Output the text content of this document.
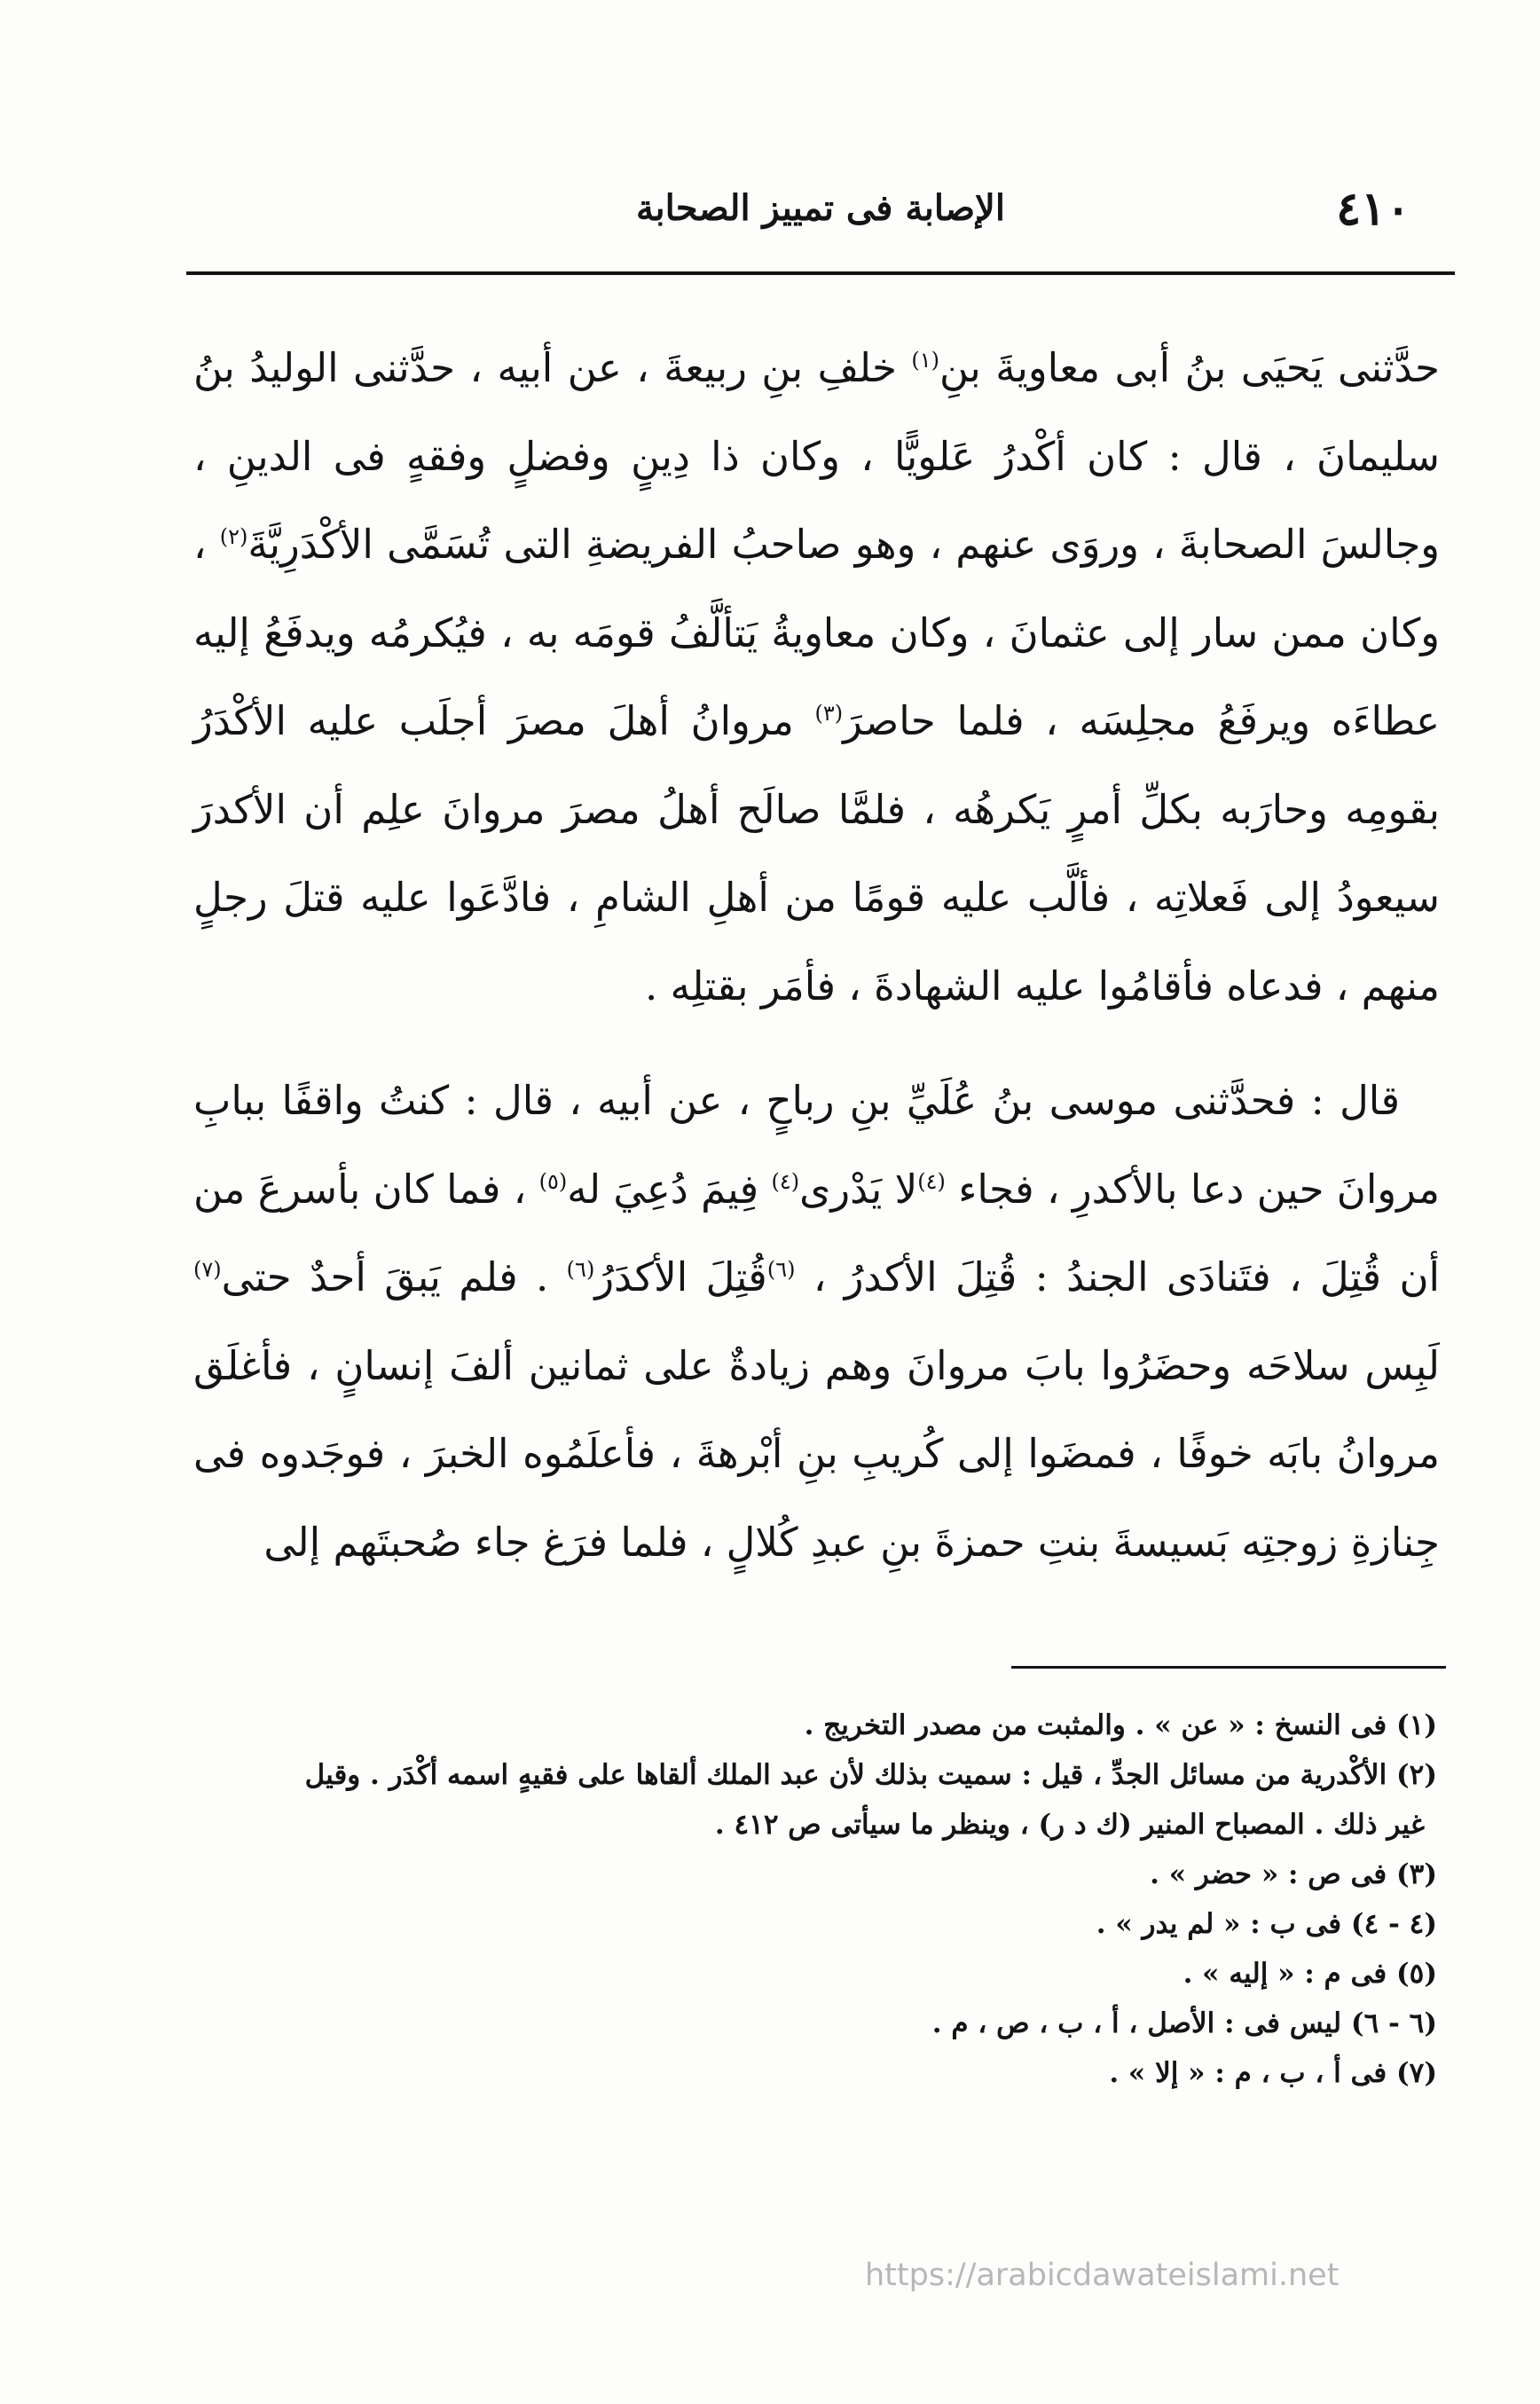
٤١٠
الإصابة فى تمييز الصحابة

حدَّثنى يَحيَى بنُ أبى معاويةَ بنِ$^{(١)}$ خلفِ بنِ ربيعةَ ، عن أبيه ، حدَّثنى الوليدُ بنُ سليمانَ ، قال : كان أكْدرُ عَلويًّا ، وكان ذا دِينٍ وفضلٍ وفقهٍ فى الدينِ ، وجالسَ الصحابةَ ، وروَى عنهم ، وهو صاحبُ الفريضةِ التى تُسَمَّى الأكْدَرِيَّةَ$^{(٢)}$ ، وكان ممن سار إلى عثمانَ ، وكان معاويةُ يَتألَّفُ قومَه به ، فيُكرمُه ويدفَعُ إليه عطاءَه ويرفَعُ مجلِسَه ، فلما حاصرَ$^{(٣)}$ مروانُ أهلَ مصرَ أجلَب عليه الأكْدَرُ بقومِه وحارَبه بكلِّ أمرٍ يَكرهُه ، فلمَّا صالَح أهلُ مصرَ مروانَ علِم أن الأكدرَ سيعودُ إلى فَعلاتِه ، فألَّب عليه قومًا من أهلِ الشامِ ، فادَّعَوا عليه قتلَ رجلٍ منهم ، فدعاه فأقامُوا عليه الشهادةَ ، فأمَر بقتلِه .

 قال : فحدَّثنى موسى بنُ عُلَيِّ بنِ رباحٍ ، عن أبيه ، قال : كنتُ واقفًا ببابِ مروانَ حين دعا بالأكدرِ ، فجاء $^{(٤)}$لا يَدْرى$^{(٤)}$ فِيمَ دُعِيَ له$^{(٥)}$ ، فما كان بأسرعَ من أن قُتِلَ ، فتَنادَى الجندُ : قُتِلَ الأكدرُ ، $^{(٦)}$قُتِلَ الأكدَرُ$^{(٦)}$ . فلم يَبقَ أحدٌ حتى$^{(٧)}$ لَبِس سلاحَه وحضَرُوا بابَ مروانَ وهم زيادةٌ على ثمانين ألفَ إنسانٍ ، فأغلَق مروانُ بابَه خوفًا ، فمضَوا إلى كُريبِ بنِ أبْرهةَ ، فأعلَمُوه الخبرَ ، فوجَدوه فى جِنازةِ زوجتِه بَسيسةَ بنتِ حمزةَ بنِ عبدِ كُلالٍ ، فلما فرَغ جاء صُحبتَهم إلى

(١) فى النسخ : « عن » . والمثبت من مصدر التخريج .

(٢) الأكْدرية من مسائل الجدِّ ، قيل : سميت بذلك لأن عبد الملك ألقاها على فقيهٍ اسمه أكْدَر . وقيل

غير ذلك . المصباح المنير (ك د ر) ، وينظر ما سيأتى ص ٤١٢ .

(٣) فى ص : « حضر » .

(٤ - ٤) فى ب : « لم يدر » .

(٥) فى م : « إليه » .

(٦ - ٦) ليس فى : الأصل ، أ ، ب ، ص ، م .

(٧) فى أ ، ب ، م : « إلا » .

https://arabicdawateislami.net
